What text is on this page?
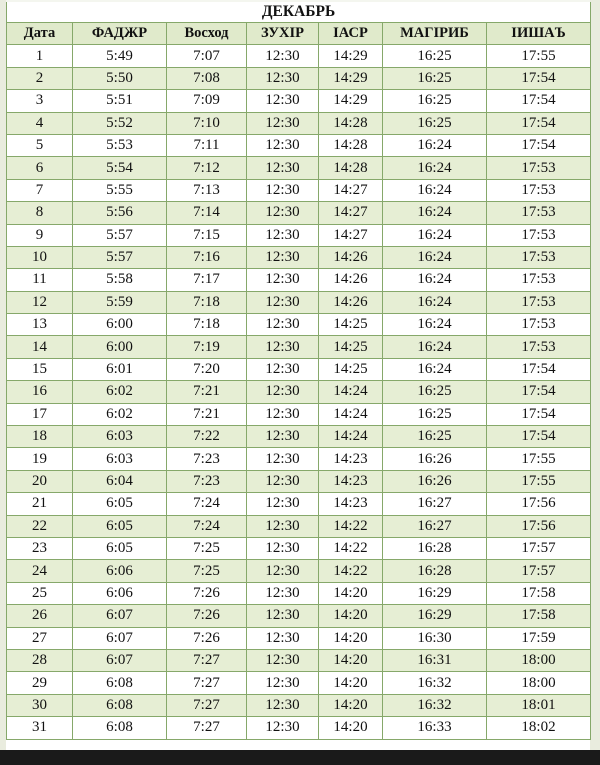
ДЕКАБРЬ						
Дата	ФАДЖР	Восход	ЗУХІР	ІАСР	МАГІРИБ	ІИШАЪ
1	5:49	7:07	12:30	14:29	16:25	17:55
2	5:50	7:08	12:30	14:29	16:25	17:54
3	5:51	7:09	12:30	14:29	16:25	17:54
4	5:52	7:10	12:30	14:28	16:25	17:54
5	5:53	7:11	12:30	14:28	16:24	17:54
6	5:54	7:12	12:30	14:28	16:24	17:53
7	5:55	7:13	12:30	14:27	16:24	17:53
8	5:56	7:14	12:30	14:27	16:24	17:53
9	5:57	7:15	12:30	14:27	16:24	17:53
10	5:57	7:16	12:30	14:26	16:24	17:53
11	5:58	7:17	12:30	14:26	16:24	17:53
12	5:59	7:18	12:30	14:26	16:24	17:53
13	6:00	7:18	12:30	14:25	16:24	17:53
14	6:00	7:19	12:30	14:25	16:24	17:53
15	6:01	7:20	12:30	14:25	16:24	17:54
16	6:02	7:21	12:30	14:24	16:25	17:54
17	6:02	7:21	12:30	14:24	16:25	17:54
18	6:03	7:22	12:30	14:24	16:25	17:54
19	6:03	7:23	12:30	14:23	16:26	17:55
20	6:04	7:23	12:30	14:23	16:26	17:55
21	6:05	7:24	12:30	14:23	16:27	17:56
22	6:05	7:24	12:30	14:22	16:27	17:56
23	6:05	7:25	12:30	14:22	16:28	17:57
24	6:06	7:25	12:30	14:22	16:28	17:57
25	6:06	7:26	12:30	14:20	16:29	17:58
26	6:07	7:26	12:30	14:20	16:29	17:58
27	6:07	7:26	12:30	14:20	16:30	17:59
28	6:07	7:27	12:30	14:20	16:31	18:00
29	6:08	7:27	12:30	14:20	16:32	18:00
30	6:08	7:27	12:30	14:20	16:32	18:01
31	6:08	7:27	12:30	14:20	16:33	18:02
